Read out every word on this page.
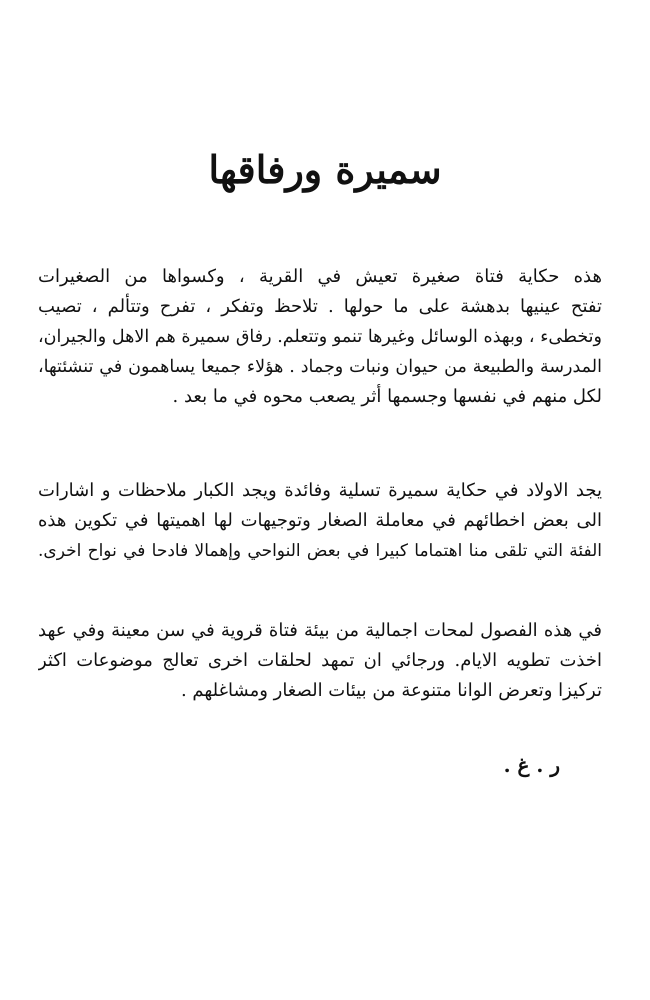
سميرة ورفاقها
هذه حكاية فتاة صغيرة تعيش في القرية ، وكسواها من الصغيرات
تفتح عينيها بدهشة على ما حولها . تلاحظ وتفكر ، تفرح وتتألم ، تصيب
وتخطىء ، وبهذه الوسائل وغيرها تنمو وتتعلم. رفاق سميرة هم الاهل والجيران،
المدرسة والطبيعة من حيوان ونبات وجماد . هؤلاء جميعا يساهمون في تنشئتها،
لكل منهم في نفسها وجسمها أثر يصعب محوه في ما بعد .
يجد الاولاد في حكاية سميرة تسلية وفائدة ويجد الكبار ملاحظات و اشارات
الى بعض اخطائهم في معاملة الصغار وتوجيهات لها اهميتها في تكوين هذه
الفئة التي تلقى منا اهتماما كبيرا في بعض النواحي وإهمالا فادحا في نواح اخرى.
في هذه الفصول لمحات اجمالية من بيئة فتاة قروية في سن معينة وفي عهد
اخذت تطويه الايام. ورجائي ان تمهد لحلقات اخرى تعالج موضوعات اكثر
تركيزا وتعرض الوانا متنوعة من بيئات الصغار ومشاغلهم .

ر . غ .
